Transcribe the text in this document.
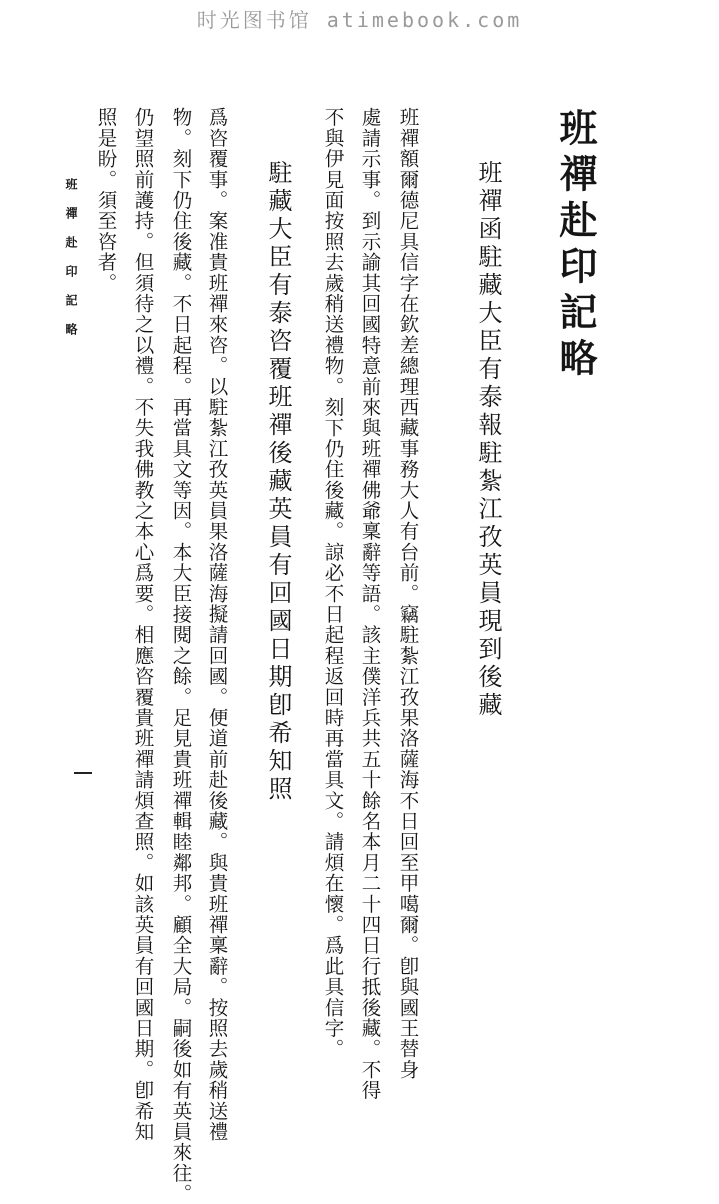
时光图书馆 atimebook.com
班禪赴印記略
班禪函駐藏大臣有泰報駐紮江孜英員現到後藏
班禪額爾德尼具信字在欽差總理西藏事務大人有台前。竊駐紮江孜果洛薩海不日回至甲噶爾。卽與國王替身
處請示事。到示諭其回國特意前來與班禪佛爺稟辭等語。該主僕洋兵共五十餘名本月二十四日行抵後藏。不得
不與伊見面按照去歲稍送禮物。刻下仍住後藏。諒必不日起程返回時再當具文。請煩在懷。爲此具信字。
駐藏大臣有泰咨覆班禪後藏英員有回國日期卽希知照
爲咨覆事。案准貴班禪來咨。以駐紮江孜英員果洛薩海擬請回國。便道前赴後藏。與貴班禪稟辭。按照去歲稍送禮
物。刻下仍住後藏。不日起程。再當具文等因。本大臣接閱之餘。足見貴班禪輯睦鄰邦。顧全大局。嗣後如有英員來往。
仍望照前護持。但須待之以禮。不失我佛教之本心爲要。相應咨覆貴班禪請煩查照。如該英員有回國日期。卽希知
照是盼。須至咨者。
班禪赴印記略
